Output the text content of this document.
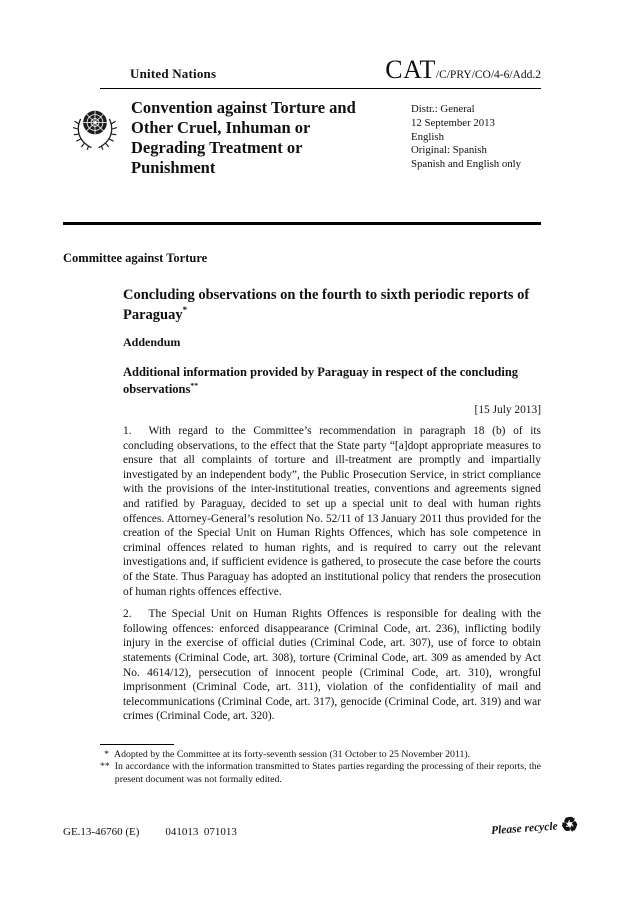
United Nations	CAT/C/PRY/CO/4-6/Add.2
Convention against Torture and Other Cruel, Inhuman or Degrading Treatment or Punishment
Distr.: General
12 September 2013
English
Original: Spanish
Spanish and English only
Committee against Torture
Concluding observations on the fourth to sixth periodic reports of Paraguay*
Addendum
Additional information provided by Paraguay in respect of the concluding observations**
[15 July 2013]

1. With regard to the Committee’s recommendation in paragraph 18 (b) of its concluding observations, to the effect that the State party “[a]dopt appropriate measures to ensure that all complaints of torture and ill-treatment are promptly and impartially investigated by an independent body”, the Public Prosecution Service, in strict compliance with the provisions of the inter-institutional treaties, conventions and agreements signed and ratified by Paraguay, decided to set up a special unit to deal with human rights offences. Attorney-General’s resolution No. 52/11 of 13 January 2011 thus provided for the creation of the Special Unit on Human Rights Offences, which has sole competence in criminal offences related to human rights, and is required to carry out the relevant investigations and, if sufficient evidence is gathered, to prosecute the case before the courts of the State. Thus Paraguay has adopted an institutional policy that renders the prosecution of human rights offences effective.

2. The Special Unit on Human Rights Offences is responsible for dealing with the following offences: enforced disappearance (Criminal Code, art. 236), inflicting bodily injury in the exercise of official duties (Criminal Code, art. 307), use of force to obtain statements (Criminal Code, art. 308), torture (Criminal Code, art. 309 as amended by Act No. 4614/12), persecution of innocent people (Criminal Code, art. 310), wrongful imprisonment (Criminal Code, art. 311), violation of the confidentiality of mail and telecommunications (Criminal Code, art. 317), genocide (Criminal Code, art. 319) and war crimes (Criminal Code, art. 320).

* Adopted by the Committee at its forty-seventh session (31 October to 25 November 2011).
** In accordance with the information transmitted to States parties regarding the processing of their reports, the present document was not formally edited.
GE.13-46760 (E) 041013  071013	Please recycle ♻
